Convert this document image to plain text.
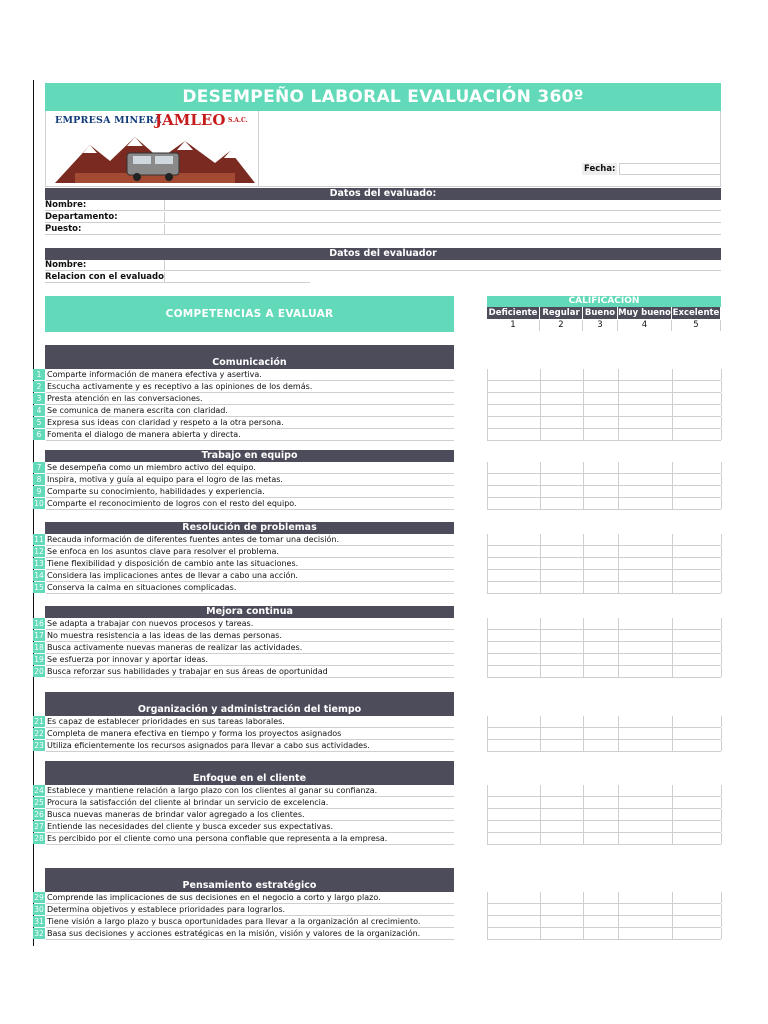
DESEMPEÑO LABORAL EVALUACIÓN 360º
EMPRESA MINERA
JAMLEO S.A.C.
Fecha:
Datos del evaluado:
Nombre:
Departamento:
Puesto:
Datos del evaluador
Nombre:
Relacion con el evaluado
COMPETENCIAS A EVALUAR
CALIFICACION
Deficiente Regular Bueno Muy bueno Excelente
Comunicación
1 Comparte información de manera efectiva y asertiva.
2 Escucha activamente y es receptivo a las opiniones de los demás.
3 Presta atención en las conversaciones.
4 Se comunica de manera escrita con claridad.
5 Expresa sus ideas con claridad y respeto a la otra persona.
6 Fomenta el dialogo de manera abierta y directa.
Trabajo en equipo
7 Se desempeña como un miembro activo del equipo.
8 Inspira, motiva y guía al equipo para el logro de las metas.
9 Comparte su conocimiento, habilidades y experiencia.
10 Comparte el reconocimiento de logros con el resto del equipo.
Resolución de problemas
11 Recauda información de diferentes fuentes antes de tomar una decisión.
12 Se enfoca en los asuntos clave para resolver el problema.
13 Tiene flexibilidad y disposición de cambio ante las situaciones.
14 Considera las implicaciones antes de llevar a cabo una acción.
15 Conserva la calma en situaciones complicadas.
Mejora continua
16 Se adapta a trabajar con nuevos procesos y tareas.
17 No muestra resistencia a las ideas de las demas personas.
18 Busca activamente nuevas maneras de realizar las actividades.
19 Se esfuerza por innovar y aportar ideas.
20 Busca reforzar sus habilidades y trabajar en sus áreas de oportunidad
Organización y administración del tiempo
21 Es capaz de establecer prioridades en sus tareas laborales.
22 Completa de manera efectiva en tiempo y forma los proyectos asignados
23 Utiliza eficientemente los recursos asignados para llevar a cabo sus actividades.
Enfoque en el cliente
24 Establece y mantiene relación a largo plazo con los clientes al ganar su confianza.
25 Procura la satisfacción del cliente al brindar un servicio de excelencia.
26 Busca nuevas maneras de brindar valor agregado a los clientes.
27 Entiende las necesidades del cliente y busca exceder sus expectativas.
28 Es percibido por el cliente como una persona confiable que representa a la empresa.
Pensamiento estratégico
29 Comprende las implicaciones de sus decisiones en el negocio a corto y largo plazo.
30 Determina objetivos y establece prioridades para lograrlos.
31 Tiene visión a largo plazo y busca oportunidades para llevar a la organización al crecimiento.
32 Basa sus decisiones y acciones estratégicas en la misión, visión y valores de la organización.
1	2	3	4	5
